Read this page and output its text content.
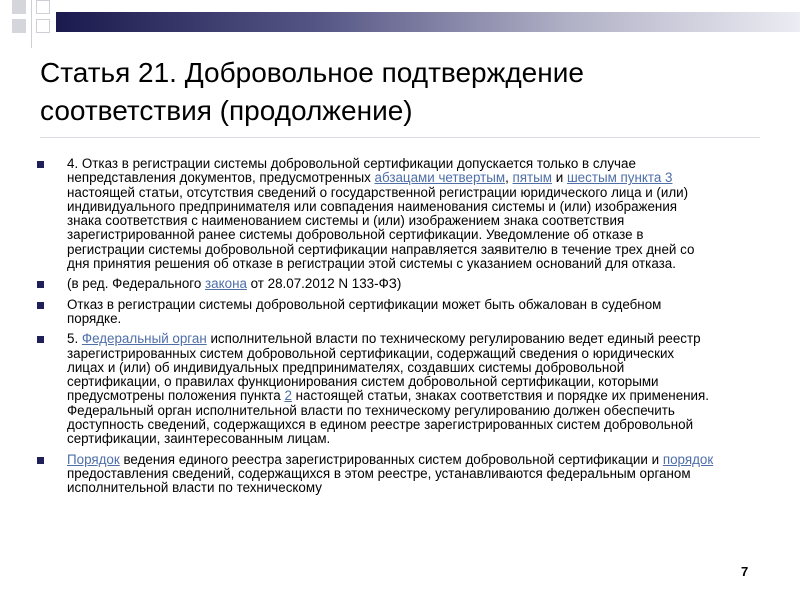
Статья 21. Добровольное подтверждение соответствия (продолжение)
4. Отказ в регистрации системы добровольной сертификации допускается только в случае непредставления документов, предусмотренных абзацами четвертым, пятым и шестым пункта 3 настоящей статьи, отсутствия сведений о государственной регистрации юридического лица и (или) индивидуального предпринимателя или совпадения наименования системы и (или) изображения знака соответствия с наименованием системы и (или) изображением знака соответствия зарегистрированной ранее системы добровольной сертификации. Уведомление об отказе в регистрации системы добровольной сертификации направляется заявителю в течение трех дней со дня принятия решения об отказе в регистрации этой системы с указанием оснований для отказа.
(в ред. Федерального закона от 28.07.2012 N 133-ФЗ)
Отказ в регистрации системы добровольной сертификации может быть обжалован в судебном порядке.
5. Федеральный орган исполнительной власти по техническому регулированию ведет единый реестр зарегистрированных систем добровольной сертификации, содержащий сведения о юридических лицах и (или) об индивидуальных предпринимателях, создавших системы добровольной сертификации, о правилах функционирования систем добровольной сертификации, которыми предусмотрены положения пункта 2 настоящей статьи, знаках соответствия и порядке их применения. Федеральный орган исполнительной власти по техническому регулированию должен обеспечить доступность сведений, содержащихся в едином реестре зарегистрированных систем добровольной сертификации, заинтересованным лицам.
Порядок ведения единого реестра зарегистрированных систем добровольной сертификации и порядок предоставления сведений, содержащихся в этом реестре, устанавливаются федеральным органом исполнительной власти по техническому
7
